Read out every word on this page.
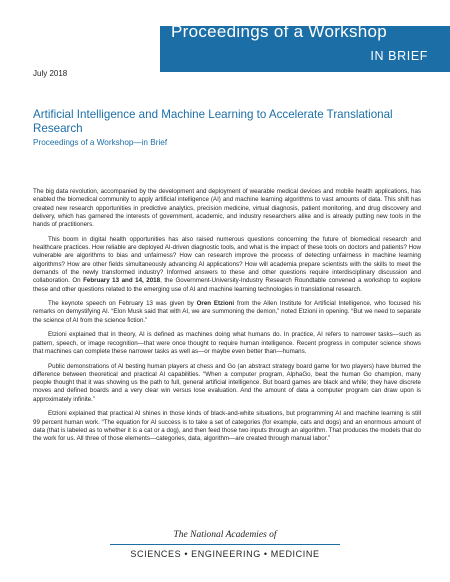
Proceedings of a Workshop
IN BRIEF
July 2018
Artificial Intelligence and Machine Learning to Accelerate Translational Research
Proceedings of a Workshop—in Brief

The big data revolution, accompanied by the development and deployment of wearable medical devices and mobile health applications, has enabled the biomedical community to apply artificial intelligence (AI) and machine learning algorithms to vast amounts of data. This shift has created new research opportunities in predictive analytics, precision medicine, virtual diagnosis, patient monitoring, and drug discovery and delivery, which has garnered the interests of government, academic, and industry researchers alike and is already putting new tools in the hands of practitioners.

This boom in digital health opportunities has also raised numerous questions concerning the future of biomedical research and healthcare practices. How reliable are deployed AI-driven diagnostic tools, and what is the impact of these tools on doctors and patients? How vulnerable are algorithms to bias and unfairness? How can research improve the process of detecting unfairness in machine learning algorithms? How are other fields simultaneously advancing AI applications? How will academia prepare scientists with the skills to meet the demands of the newly transformed industry? Informed answers to these and other questions require interdisciplinary discussion and collaboration. On February 13 and 14, 2018, the Government-University-Industry Research Roundtable convened a workshop to explore these and other questions related to the emerging use of AI and machine learning technologies in translational research.

The keynote speech on February 13 was given by Oren Etzioni from the Allen Institute for Artificial Intelligence, who focused his remarks on demystifying AI. “Elon Musk said that with AI, we are summoning the demon,” noted Etzioni in opening. “But we need to separate the science of AI from the science fiction.”

Etzioni explained that in theory, AI is defined as machines doing what humans do. In practice, AI refers to narrower tasks—such as pattern, speech, or image recognition—that were once thought to require human intelligence. Recent progress in computer science shows that machines can complete these narrower tasks as well as—or maybe even better than—humans.

Public demonstrations of AI besting human players at chess and Go (an abstract strategy board game for two players) have blurred the difference between theoretical and practical AI capabilities. “When a computer program, AlphaGo, beat the human Go champion, many people thought that it was showing us the path to full, general artificial intelligence. But board games are black and white; they have discrete moves and defined boards and a very clear win versus lose evaluation. And the amount of data a computer program can draw upon is approximately infinite.”

Etzioni explained that practical AI shines in those kinds of black-and-white situations, but programming AI and machine learning is still 99 percent human work. “The equation for AI success is to take a set of categories (for example, cats and dogs) and an enormous amount of data (that is labeled as to whether it is a cat or a dog), and then feed those two inputs through an algorithm. That produces the models that do the work for us. All three of those elements—categories, data, algorithm—are created through manual labor.”

The National Academies of
SCIENCES • ENGINEERING • MEDICINE
